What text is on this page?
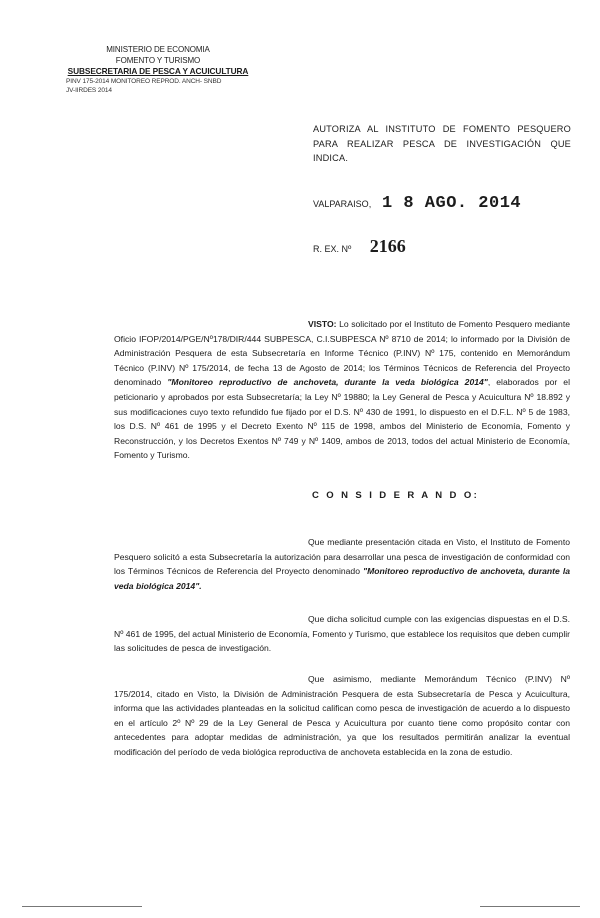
MINISTERIO DE ECONOMIA
FOMENTO Y TURISMO
SUBSECRETARIA DE PESCA Y ACUICULTURA
PINV 175-2014 MONITOREO REPROD. ANCH- SNBD
JV-IIRDES 2014
AUTORIZA AL INSTITUTO DE FOMENTO PESQUERO PARA REALIZAR PESCA DE INVESTIGACIÓN QUE INDICA.
VALPARAISO, 1 8 AGO. 2014
R. EX. Nº 2166
VISTO: Lo solicitado por el Instituto de Fomento Pesquero mediante Oficio IFOP/2014/PGE/Nº178/DIR/444 SUBPESCA, C.I.SUBPESCA Nº 8710 de 2014; lo informado por la División de Administración Pesquera de esta Subsecretaría en Informe Técnico (P.INV) Nº 175, contenido en Memorándum Técnico (P.INV) Nº 175/2014, de fecha 13 de Agosto de 2014; los Términos Técnicos de Referencia del Proyecto denominado "Monitoreo reproductivo de anchoveta, durante la veda biológica 2014", elaborados por el peticionario y aprobados por esta Subsecretaría; la Ley Nº 19880; la Ley General de Pesca y Acuicultura Nº 18.892 y sus modificaciones cuyo texto refundido fue fijado por el D.S. Nº 430 de 1991, lo dispuesto en el D.F.L. Nº 5 de 1983, los D.S. Nº 461 de 1995 y el Decreto Exento Nº 115 de 1998, ambos del Ministerio de Economía, Fomento y Reconstrucción, y los Decretos Exentos Nº 749 y Nº 1409, ambos de 2013, todos del actual Ministerio de Economía, Fomento y Turismo.
C O N S I D E R A N D O:
Que mediante presentación citada en Visto, el Instituto de Fomento Pesquero solicitó a esta Subsecretaría la autorización para desarrollar una pesca de investigación de conformidad con los Términos Técnicos de Referencia del Proyecto denominado "Monitoreo reproductivo de anchoveta, durante la veda biológica 2014".
Que dicha solicitud cumple con las exigencias dispuestas en el D.S. Nº 461 de 1995, del actual Ministerio de Economía, Fomento y Turismo, que establece los requisitos que deben cumplir las solicitudes de pesca de investigación.
Que asimismo, mediante Memorándum Técnico (P.INV) Nº 175/2014, citado en Visto, la División de Administración Pesquera de esta Subsecretaría de Pesca y Acuicultura, informa que las actividades planteadas en la solicitud califican como pesca de investigación de acuerdo a lo dispuesto en el artículo 2º Nº 29 de la Ley General de Pesca y Acuicultura por cuanto tiene como propósito contar con antecedentes para adoptar medidas de administración, ya que los resultados permitirán analizar la eventual modificación del período de veda biológica reproductiva de anchoveta establecida en la zona de estudio.
